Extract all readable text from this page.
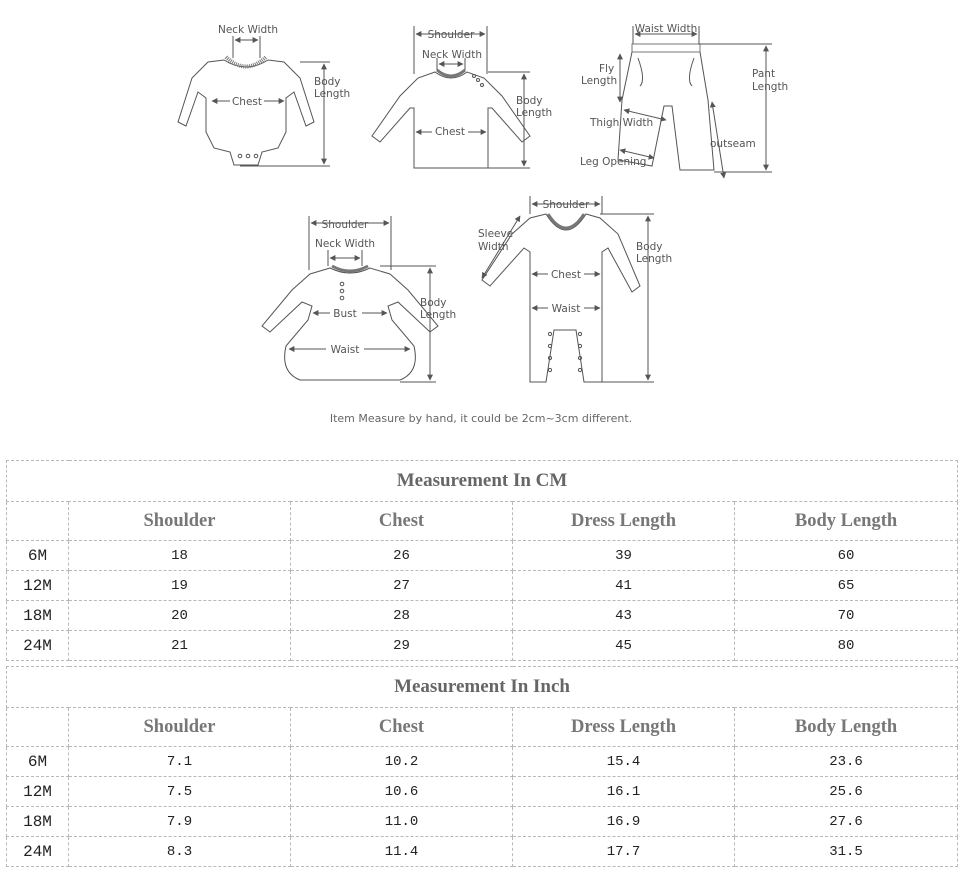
Neck Width
Chest
Body
Length
Shoulder
Neck Width
Chest
Body
Length
Waist Width
Fly
Length
Pant
Length
Thigh Width
outseam
Leg Opening
Shoulder
Neck Width
Bust
Waist
Body
Length
Shoulder
Sleeve
Width
Chest
Waist
Body
Length
Item Measure by hand, it could be 2cm~3cm different.
Measurement In CM				
	Shoulder	Chest	Dress Length	Body Length
6M	18	26	39	60
12M	19	27	41	65
18M	20	28	43	70
24M	21	29	45	80
Measurement In Inch				
	Shoulder	Chest	Dress Length	Body Length
6M	7.1	10.2	15.4	23.6
12M	7.5	10.6	16.1	25.6
18M	7.9	11.0	16.9	27.6
24M	8.3	11.4	17.7	31.5
